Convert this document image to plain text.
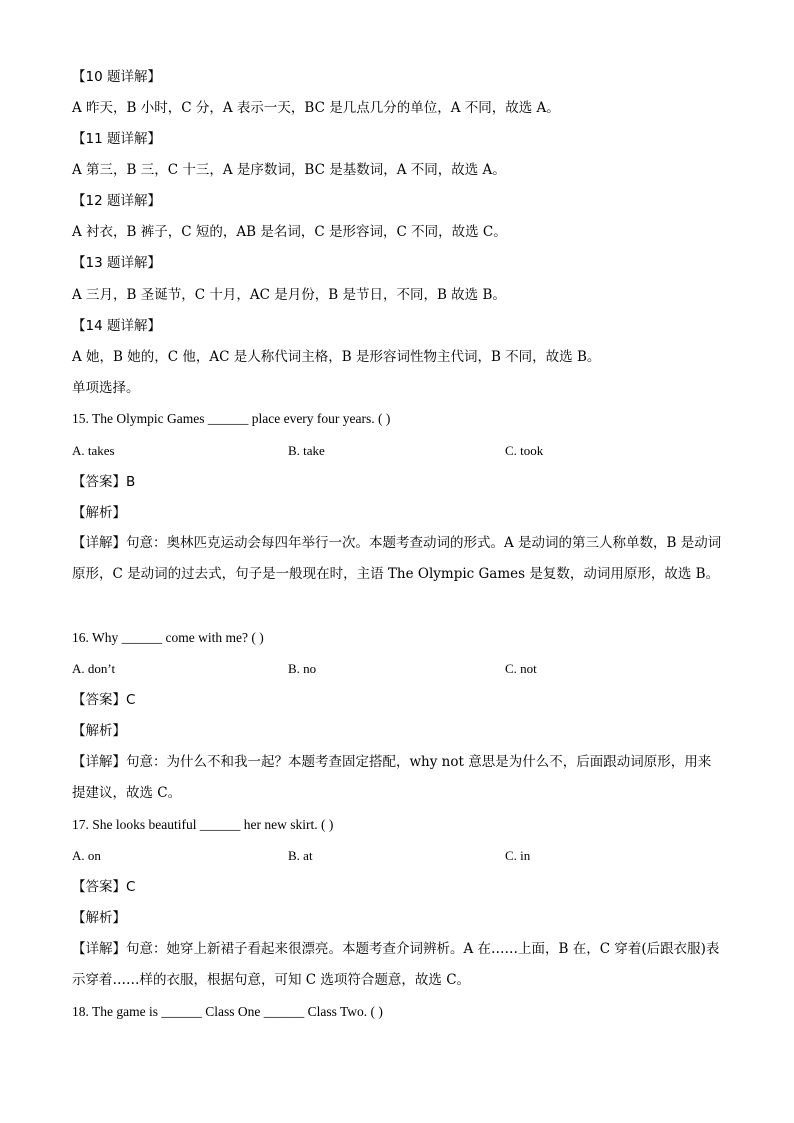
【10 题详解】
A 昨天，B 小时，C 分，A 表示一天，BC 是几点几分的单位，A 不同，故选 A。
【11 题详解】
A 第三，B 三，C 十三，A 是序数词，BC 是基数词，A 不同，故选 A。
【12 题详解】
A 衬衣，B 裤子，C 短的，AB 是名词，C 是形容词，C 不同，故选 C。
【13 题详解】
A 三月，B 圣诞节，C 十月，AC 是月份，B 是节日，不同，B 故选 B。
【14 题详解】
A 她，B 她的，C 他，AC 是人称代词主格，B 是形容词性物主代词，B 不同，故选 B。
单项选择。
15. The Olympic Games ______ place every four years. ( )
A. takes	B. take	C. took
【答案】B
【解析】
【详解】句意：奥林匹克运动会每四年举行一次。本题考查动词的形式。A 是动词的第三人称单数，B 是动词原形，C 是动词的过去式，句子是一般现在时，主语 The Olympic Games 是复数，动词用原形，故选 B。
16. Why ______ come with me? ( )
A. don’t	B. no	C. not
【答案】C
【解析】
【详解】句意：为什么不和我一起？本题考查固定搭配，why not 意思是为什么不，后面跟动词原形，用来提建议，故选 C。
17. She looks beautiful ______ her new skirt. ( )
A. on	B. at	C. in
【答案】C
【解析】
【详解】句意：她穿上新裙子看起来很漂亮。本题考查介词辨析。A 在……上面，B 在，C 穿着(后跟衣服)表示穿着……样的衣服，根据句意，可知 C 选项符合题意，故选 C。
18. The game is ______ Class One ______ Class Two. ( )
